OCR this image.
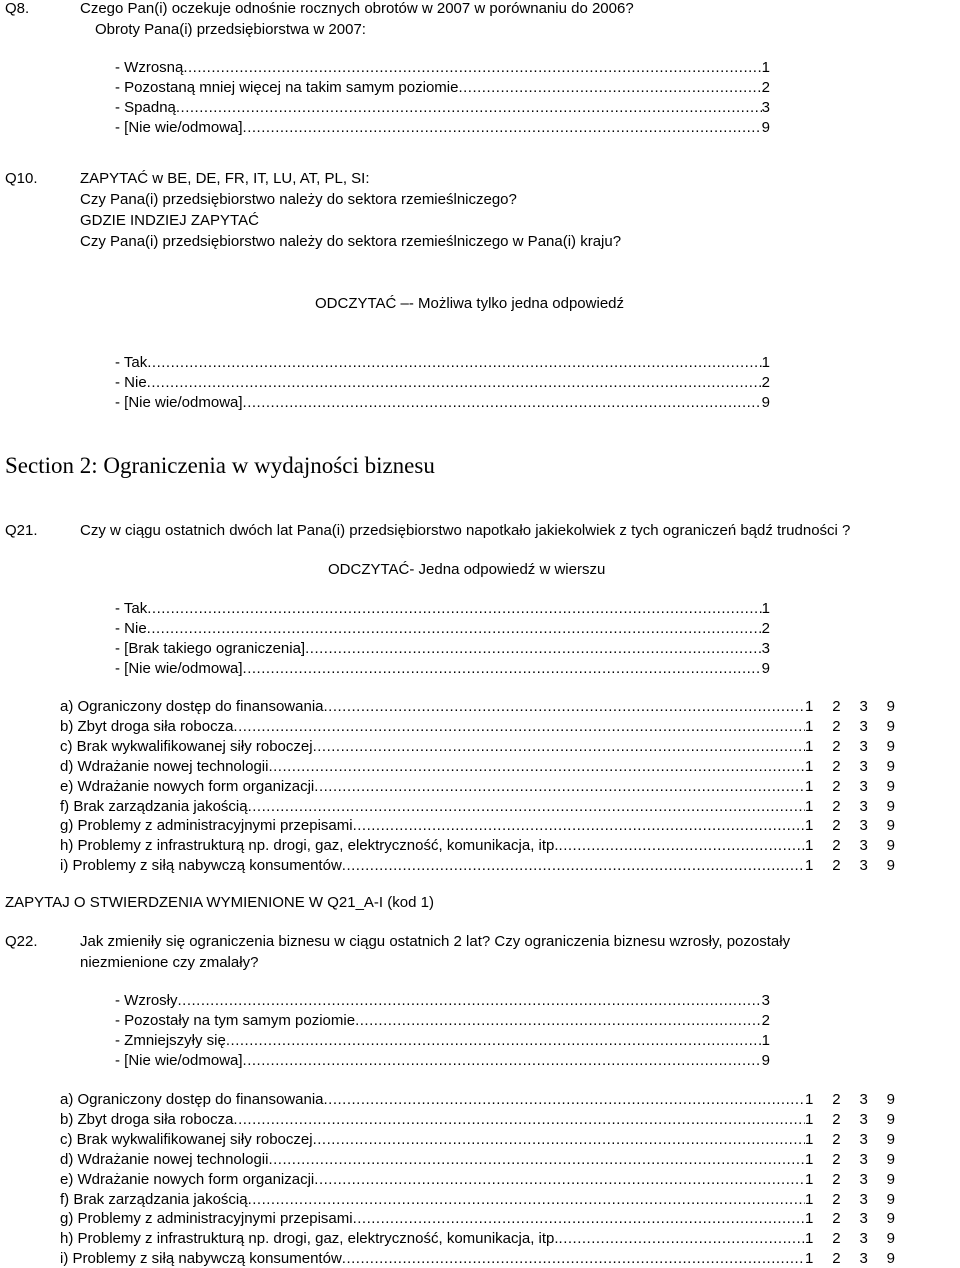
Q8.	Czego Pan(i) oczekuje odnośnie rocznych obrotów w 2007 w porównaniu do 2006?
Obroty Pana(i) przedsiębiorstwa w 2007:
- Wzrosną .....	1
- Pozostaną mniej więcej na takim samym poziomie .....	2
- Spadną .....	3
- [Nie wie/odmowa] .....	9
Q10.	ZAPYTAĆ w BE, DE, FR, IT, LU, AT, PL, SI:
Czy Pana(i) przedsiębiorstwo należy do sektora rzemieślniczego?
GDZIE INDZIEJ ZAPYTAĆ
Czy Pana(i) przedsiębiorstwo należy do sektora rzemieślniczego w Pana(i) kraju?
ODCZYTAĆ –- Możliwa tylko jedna odpowiedź
- Tak .....	1
- Nie .....	2
- [Nie wie/odmowa] .....	9
Section 2: Ograniczenia w wydajności biznesu
Q21.	Czy w ciągu ostatnich dwóch lat Pana(i) przedsiębiorstwo napotkało jakiekolwiek z tych ograniczeń bądź trudności ?
ODCZYTAĆ- Jedna odpowiedź w wierszu
- Tak .....	1
- Nie .....	2
- [Brak takiego ograniczenia] .....	3
- [Nie wie/odmowa] .....	9
a) Ograniczony dostęp do finansowania .....	1 2 3 9
b) Zbyt droga siła robocza .....	1 2 3 9
c) Brak wykwalifikowanej siły roboczej .....	1 2 3 9
d) Wdrażanie nowej technologii .....	1 2 3 9
e) Wdrażanie nowych form organizacji .....	1 2 3 9
f) Brak zarządzania jakością .....	1 2 3 9
g) Problemy z administracyjnymi przepisami .....	1 2 3 9
h) Problemy z infrastrukturą np. drogi, gaz, elektryczność, komunikacja, itp. .....	1 2 3 9
i) Problemy z siłą nabywczą konsumentów .....	1 2 3 9
ZAPYTAJ O STWIERDZENIA WYMIENIONE W Q21_A-I (kod 1)
Q22.	Jak zmieniły się ograniczenia biznesu w ciągu ostatnich 2 lat? Czy ograniczenia biznesu wzrosły, pozostały
niezmienione czy zmalały?
- Wzrosły .....	3
- Pozostały na tym samym poziomie .....	2
- Zmniejszyły się .....	1
- [Nie wie/odmowa] .....	9
a) Ograniczony dostęp do finansowania .....	1 2 3 9
b) Zbyt droga siła robocza .....	1 2 3 9
c) Brak wykwalifikowanej siły roboczej .....	1 2 3 9
d) Wdrażanie nowej technologii .....	1 2 3 9
e) Wdrażanie nowych form organizacji .....	1 2 3 9
f) Brak zarządzania jakością .....	1 2 3 9
g) Problemy z administracyjnymi przepisami .....	1 2 3 9
h) Problemy z infrastrukturą np. drogi, gaz, elektryczność, komunikacja, itp. .....	1 2 3 9
i) Problemy z siłą nabywczą konsumentów .....	1 2 3 9
